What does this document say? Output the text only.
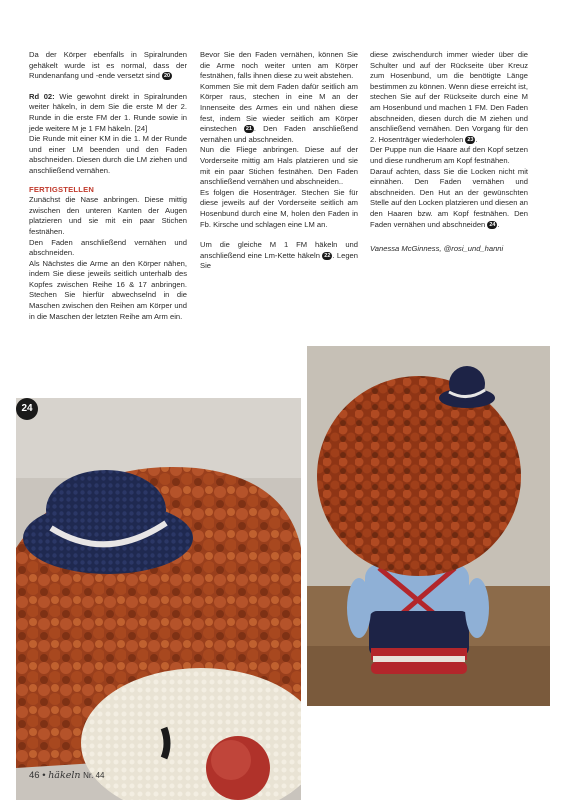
Da der Körper ebenfalls in Spiralrunden gehäkelt wurde ist es normal, dass der Rundenanfang und -ende versetzt sind 20

Rd 02: Wie gewohnt direkt in Spiralrunden weiter häkeln, in dem Sie die erste M der 2. Runde in die erste FM der 1. Runde sowie in jede weitere M je 1 FM häkeln. [24]

Die Runde mit einer KM in die 1. M der Runde und einer LM beenden und den Faden abschneiden. Diesen durch die LM ziehen und anschließend vernähen.

FERTIGSTELLEN

Zunächst die Nase anbringen. Diese mittig zwischen den unteren Kanten der Augen platzieren und sie mit ein paar Stichen festnähen.

Den Faden anschließend vernähen und abschneiden.

Als Nächstes die Arme an den Körper nähen, indem Sie diese jeweils seitlich unterhalb des Kopfes zwischen Reihe 16 & 17 anbringen. Stechen Sie hierfür abwechselnd in die Maschen zwischen den Reihen am Körper und in die Maschen der letzten Reihe am Arm ein.

Bevor Sie den Faden vernähen, können Sie die Arme noch weiter unten am Körper festnähen, falls ihnen diese zu weit abstehen.

Kommen Sie mit dem Faden dafür seitlich am Körper raus, stechen in eine M an der Innenseite des Armes ein und nähen diese fest, indem Sie wieder seitlich am Körper einstechen 21 . Den Faden anschließend vernähen und abschneiden.

Nun die Fliege anbringen. Diese auf der Vorderseite mittig am Hals platzieren und sie mit ein paar Stichen festnähen. Den Faden anschließend vernähen und abschneiden..

Es folgen die Hosenträger. Stechen Sie für diese jeweils auf der Vorderseite seitlich am Hosenbund durch eine M, holen den Faden in Fb. Kirsche und schlagen eine LM an.

Um die gleiche M 1 FM häkeln und anschließend eine Lm-Kette häkeln 22 . Legen Sie

diese zwischendurch immer wieder über die Schulter und auf der Rückseite über Kreuz zum Hosenbund, um die benötigte Länge bestimmen zu können. Wenn diese erreicht ist, stechen Sie auf der Rückseite durch eine M am Hosenbund und machen 1 FM. Den Faden abschneiden, diesen durch die M ziehen und anschließend vernähen. Den Vorgang für den 2. Hosenträger wiederholen 23 .

Der Puppe nun die Haare auf den Kopf setzen und diese rundherum am Kopf festnähen.

Darauf achten, dass Sie die Locken nicht mit einnähen. Den Faden vernähen und abschneiden. Den Hut an der gewünschten Stelle auf den Locken platzieren und diesen an den Haaren bzw. am Kopf festnähen. Den Faden vernähen und abschneiden 24 .

Vanessa McGinness, @rosi_und_hanni

24
46 • häkeln Nr. 44
PassionForum.ru
